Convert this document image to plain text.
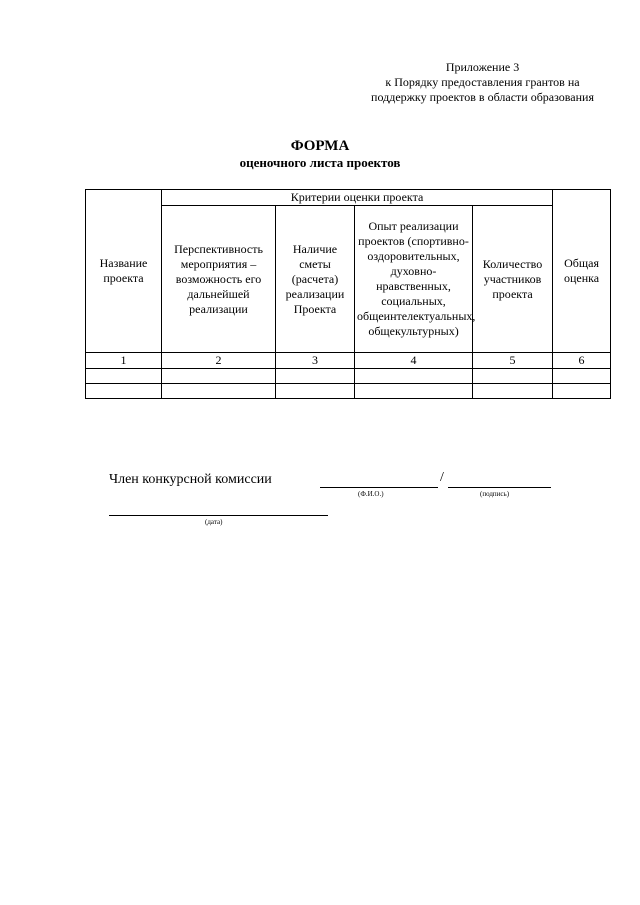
Приложение 3
к Порядку предоставления грантов на
поддержку проектов в области образования
ФОРМА
оценочного листа проектов
Название проекта	Критерии оценки проекта				Общая оценка
	Перспективность мероприятия – возможность его дальнейшей реализации	Наличие сметы (расчета) реализации Проекта	Опыт реализации проектов (спортивно-оздоровительных, духовно-нравственных, социальных, общеинтелектуальных, общекультурных)	Количество участников проекта	
1	2	3	4	5	6

Член конкурсной комиссии	/
(Ф.И.О.)	(подпись)
(дата)
